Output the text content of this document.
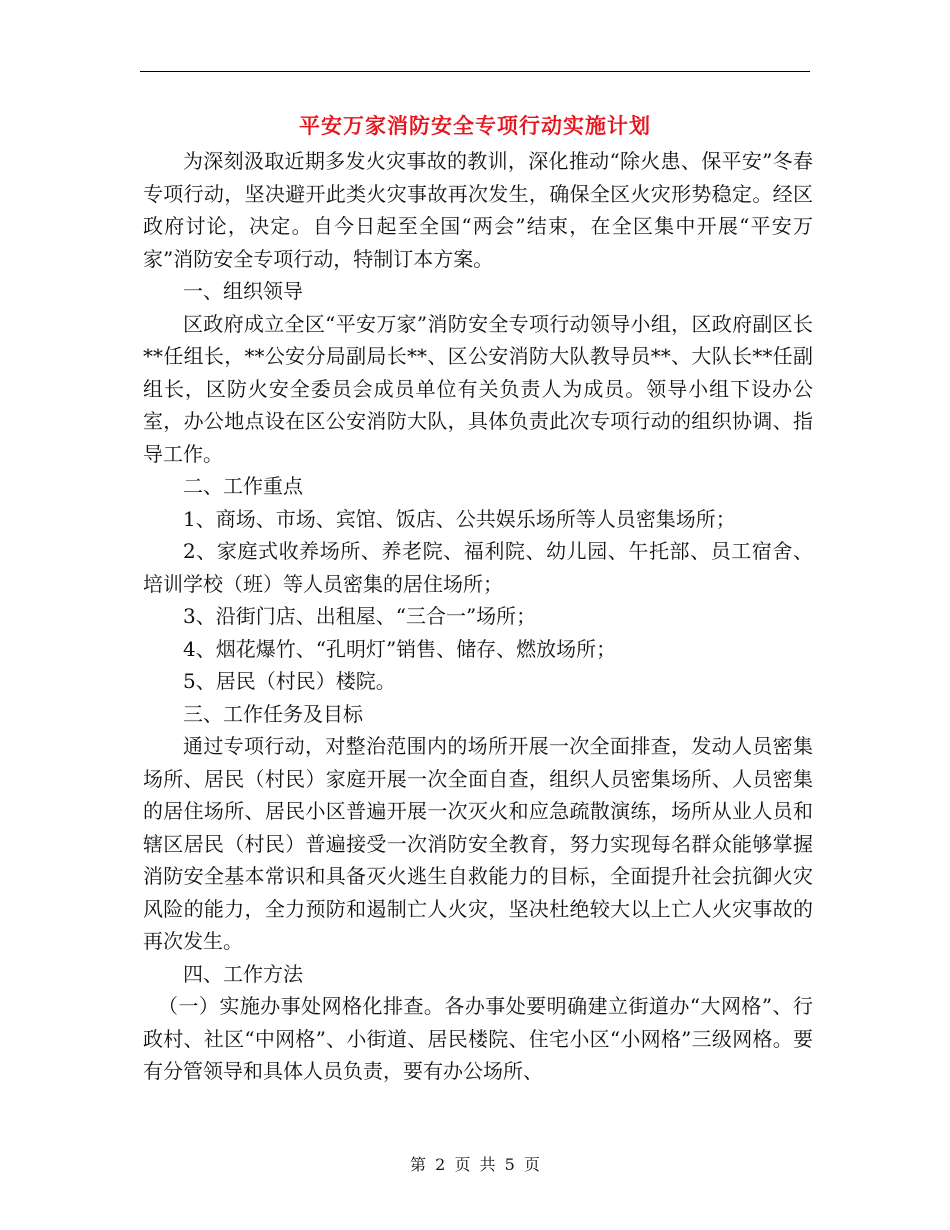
平安万家消防安全专项行动实施计划

为深刻汲取近期多发火灾事故的教训，深化推动“除火患、保平安”冬春专项行动，坚决避开此类火灾事故再次发生，确保全区火灾形势稳定。经区政府讨论，决定。自今日起至全国“两会”结束，在全区集中开展“平安万家”消防安全专项行动，特制订本方案。

一、组织领导

区政府成立全区“平安万家”消防安全专项行动领导小组，区政府副区长**任组长，**公安分局副局长**、区公安消防大队教导员**、大队长**任副组长，区防火安全委员会成员单位有关负责人为成员。领导小组下设办公室，办公地点设在区公安消防大队，具体负责此次专项行动的组织协调、指导工作。

二、工作重点

1、商场、市场、宾馆、饭店、公共娱乐场所等人员密集场所；

2、家庭式收养场所、养老院、福利院、幼儿园、午托部、员工宿舍、培训学校（班）等人员密集的居住场所；

3、沿街门店、出租屋、“三合一”场所；

4、烟花爆竹、“孔明灯”销售、储存、燃放场所；

5、居民（村民）楼院。

三、工作任务及目标

通过专项行动，对整治范围内的场所开展一次全面排查，发动人员密集场所、居民（村民）家庭开展一次全面自查，组织人员密集场所、人员密集的居住场所、居民小区普遍开展一次灭火和应急疏散演练，场所从业人员和辖区居民（村民）普遍接受一次消防安全教育，努力实现每名群众能够掌握消防安全基本常识和具备灭火逃生自救能力的目标，全面提升社会抗御火灾风险的能力，全力预防和遏制亡人火灾，坚决杜绝较大以上亡人火灾事故的再次发生。

四、工作方法

（一）实施办事处网格化排查。各办事处要明确建立街道办“大网格”、行政村、社区“中网格”、小街道、居民楼院、住宅小区“小网格”三级网格。要有分管领导和具体人员负责，要有办公场所、

第 2 页 共 5 页
